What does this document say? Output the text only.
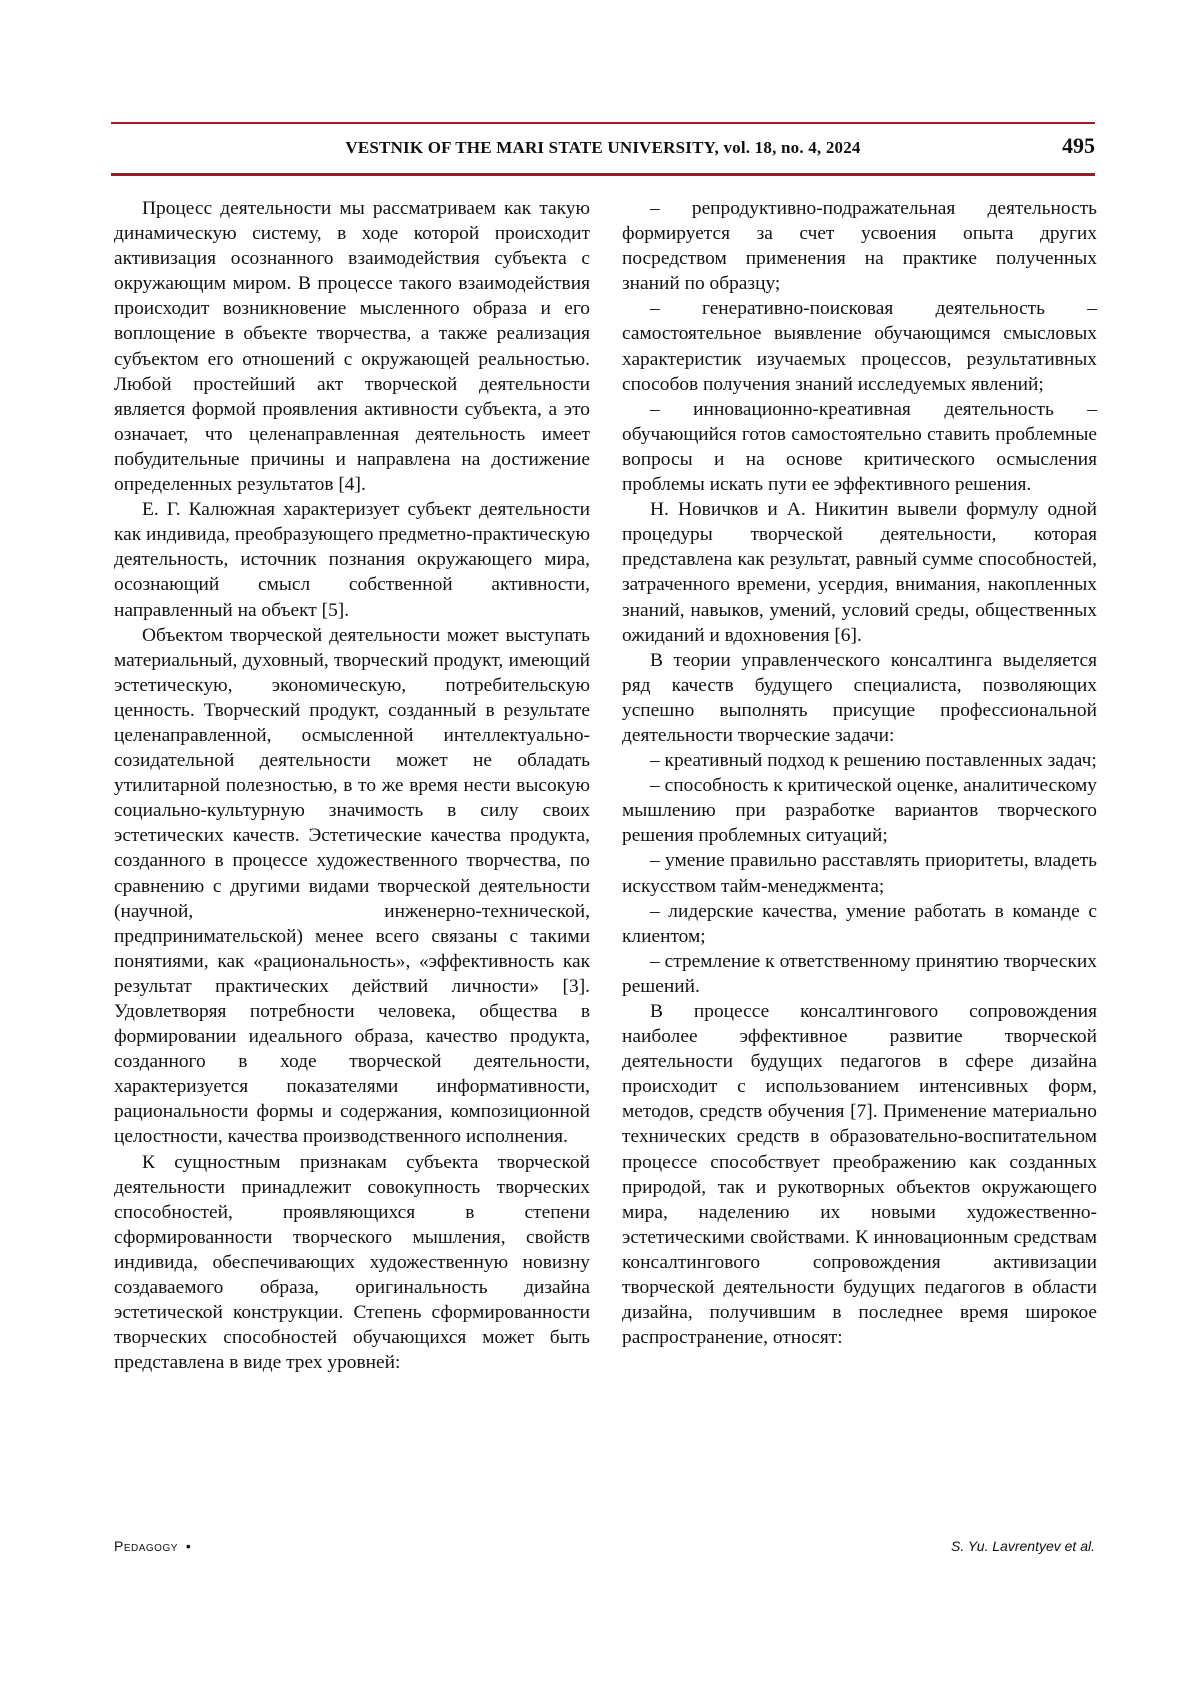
VESTNIK OF THE MARI STATE UNIVERSITY, vol. 18, no. 4, 2024	495

Процесс деятельности мы рассматриваем как такую динамическую систему, в ходе которой происходит активизация осознанного взаимодействия субъекта с окружающим миром. В процессе такого взаимодействия происходит возникновение мысленного образа и его воплощение в объекте творчества, а также реализация субъектом его отношений с окружающей реальностью. Любой простейший акт творческой деятельности является формой проявления активности субъекта, а это означает, что целенаправленная деятельность имеет побудительные причины и направлена на достижение определенных результатов [4].

Е. Г. Калюжная характеризует субъект деятельности как индивида, преобразующего предметно-практическую деятельность, источник познания окружающего мира, осознающий смысл собственной активности, направленный на объект [5].

Объектом творческой деятельности может выступать материальный, духовный, творческий продукт, имеющий эстетическую, экономическую, потребительскую ценность. Творческий продукт, созданный в результате целенаправленной, осмысленной интеллектуально-созидательной деятельности может не обладать утилитарной полезностью, в то же время нести высокую социально-культурную значимость в силу своих эстетических качеств. Эстетические качества продукта, созданного в процессе художественного творчества, по сравнению с другими видами творческой деятельности (научной, инженерно-технической, предпринимательской) менее всего связаны с такими понятиями, как «рациональность», «эффективность как результат практических действий личности» [3]. Удовлетворяя потребности человека, общества в формировании идеального образа, качество продукта, созданного в ходе творческой деятельности, характеризуется показателями информативности, рациональности формы и содержания, композиционной целостности, качества производственного исполнения.

К сущностным признакам субъекта творческой деятельности принадлежит совокупность творческих способностей, проявляющихся в степени сформированности творческого мышления, свойств индивида, обеспечивающих художественную новизну создаваемого образа, оригинальность дизайна эстетической конструкции. Степень сформированности творческих способностей обучающихся может быть представлена в виде трех уровней:

– репродуктивно-подражательная деятельность формируется за счет усвоения опыта других посредством применения на практике полученных знаний по образцу;

– генеративно-поисковая деятельность – самостоятельное выявление обучающимся смысловых характеристик изучаемых процессов, результативных способов получения знаний исследуемых явлений;

– инновационно-креативная деятельность – обучающийся готов самостоятельно ставить проблемные вопросы и на основе критического осмысления проблемы искать пути ее эффективного решения.

Н. Новичков и А. Никитин вывели формулу одной процедуры творческой деятельности, которая представлена как результат, равный сумме способностей, затраченного времени, усердия, внимания, накопленных знаний, навыков, умений, условий среды, общественных ожиданий и вдохновения [6].

В теории управленческого консалтинга выделяется ряд качеств будущего специалиста, позволяющих успешно выполнять присущие профессиональной деятельности творческие задачи:

– креативный подход к решению поставленных задач;

– способность к критической оценке, аналитическому мышлению при разработке вариантов творческого решения проблемных ситуаций;

– умение правильно расставлять приоритеты, владеть искусством тайм-менеджмента;

– лидерские качества, умение работать в команде с клиентом;

– стремление к ответственному принятию творческих решений.

В процессе консалтингового сопровождения наиболее эффективное развитие творческой деятельности будущих педагогов в сфере дизайна происходит с использованием интенсивных форм, методов, средств обучения [7]. Применение материально технических средств в образовательно-воспитательном процессе способствует преображению как созданных природой, так и рукотворных объектов окружающего мира, наделению их новыми художественно-эстетическими свойствами. К инновационным средствам консалтингового сопровождения активизации творческой деятельности будущих педагогов в области дизайна, получившим в последнее время широкое распространение, относят:

Pedagogy •	S. Yu. Lavrentyev et al.
